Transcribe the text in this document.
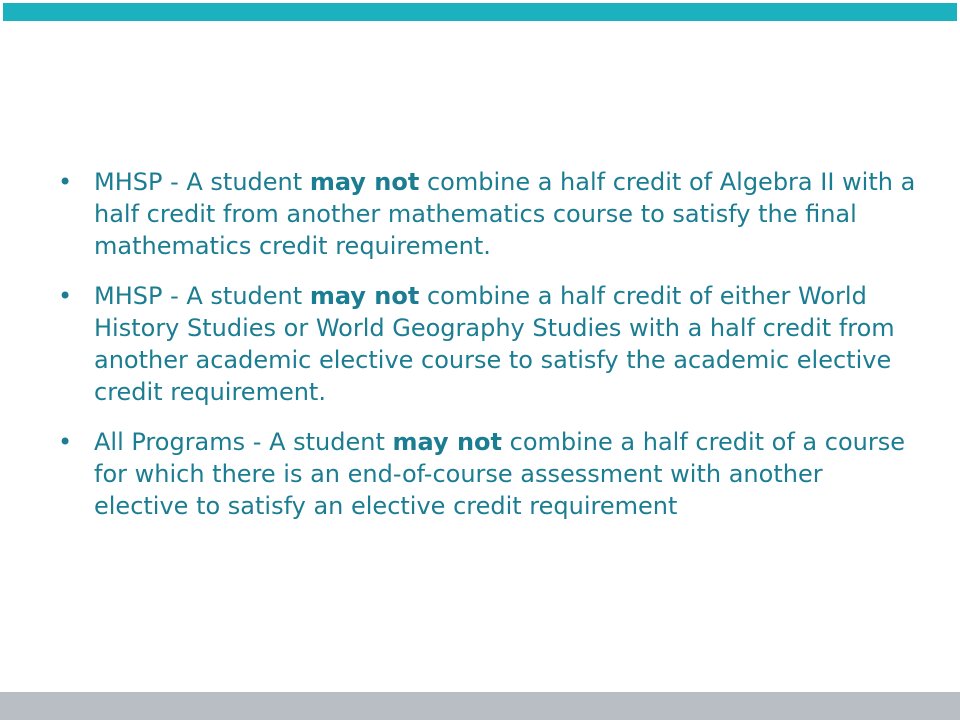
• MHSP - A student may not combine a half credit of Algebra II with a half credit from another mathematics course to satisfy the final mathematics credit requirement.
• MHSP - A student may not combine a half credit of either World History Studies or World Geography Studies with a half credit from another academic elective course to satisfy the academic elective credit requirement.
• All Programs - A student may not combine a half credit of a course for which there is an end-of-course assessment with another elective to satisfy an elective credit requirement
